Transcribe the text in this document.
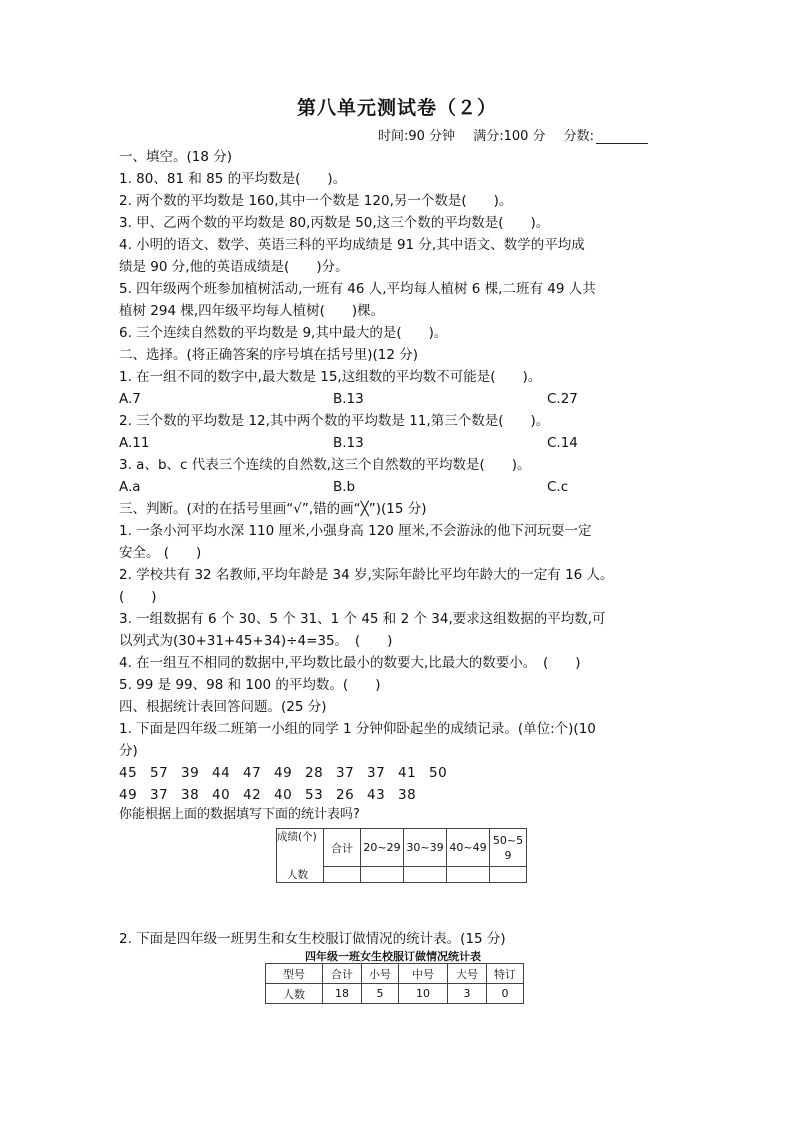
第八单元测试卷（２）
时间:90 分钟 满分:100 分 分数:
一、填空。(18 分)
1. 80、81 和 85 的平均数是(　　)。
2. 两个数的平均数是 160,其中一个数是 120,另一个数是(　　)。
3. 甲、乙两个数的平均数是 80,丙数是 50,这三个数的平均数是(　　)。
4. 小明的语文、数学、英语三科的平均成绩是 91 分,其中语文、数学的平均成
绩是 90 分,他的英语成绩是(　　)分。
5. 四年级两个班参加植树活动,一班有 46 人,平均每人植树 6 棵,二班有 49 人共
植树 294 棵,四年级平均每人植树(　　)棵。
6. 三个连续自然数的平均数是 9,其中最大的是(　　)。
二、选择。(将正确答案的序号填在括号里)(12 分)
1. 在一组不同的数字中,最大数是 15,这组数的平均数不可能是(　　)。
A.7	B.13	C.27
2. 三个数的平均数是 12,其中两个数的平均数是 11,第三个数是(　　)。
A.11	B.13	C.14
3. a、b、c 代表三个连续的自然数,这三个自然数的平均数是(　　)。
A.a	B.b	C.c
三、判断。(对的在括号里画“√”,错的画“╳”)(15 分)
1. 一条小河平均水深 110 厘米,小强身高 120 厘米,不会游泳的他下河玩耍一定
安全。 (　　)
2. 学校共有 32 名教师,平均年龄是 34 岁,实际年龄比平均年龄大的一定有 16 人。
(　　)
3. 一组数据有 6 个 30、5 个 31、1 个 45 和 2 个 34,要求这组数据的平均数,可
以列式为(30+31+45+34)÷4=35。　(　　)
4. 在一组互不相同的数据中,平均数比最小的数要大,比最大的数要小。　(　　)
5. 99 是 99、98 和 100 的平均数。(　　)
四、根据统计表回答问题。(25 分)
1. 下面是四年级二班第一小组的同学 1 分钟仰卧起坐的成绩记录。(单位:个)(10
分)
45 57 39 44 47 49 28 37 37 41 50
49 37 38 40 42 40 53 26 43 38
你能根据上面的数据填写下面的统计表吗?
成绩(个)	合计	20~29	30~39	40~49	50~5
9

人数					
2. 下面是四年级一班男生和女生校服订做情况的统计表。(15 分)
四年级一班女生校服订做情况统计表
型号	合计	小号	中号	大号	特订
人数	18	5	10	3	0
